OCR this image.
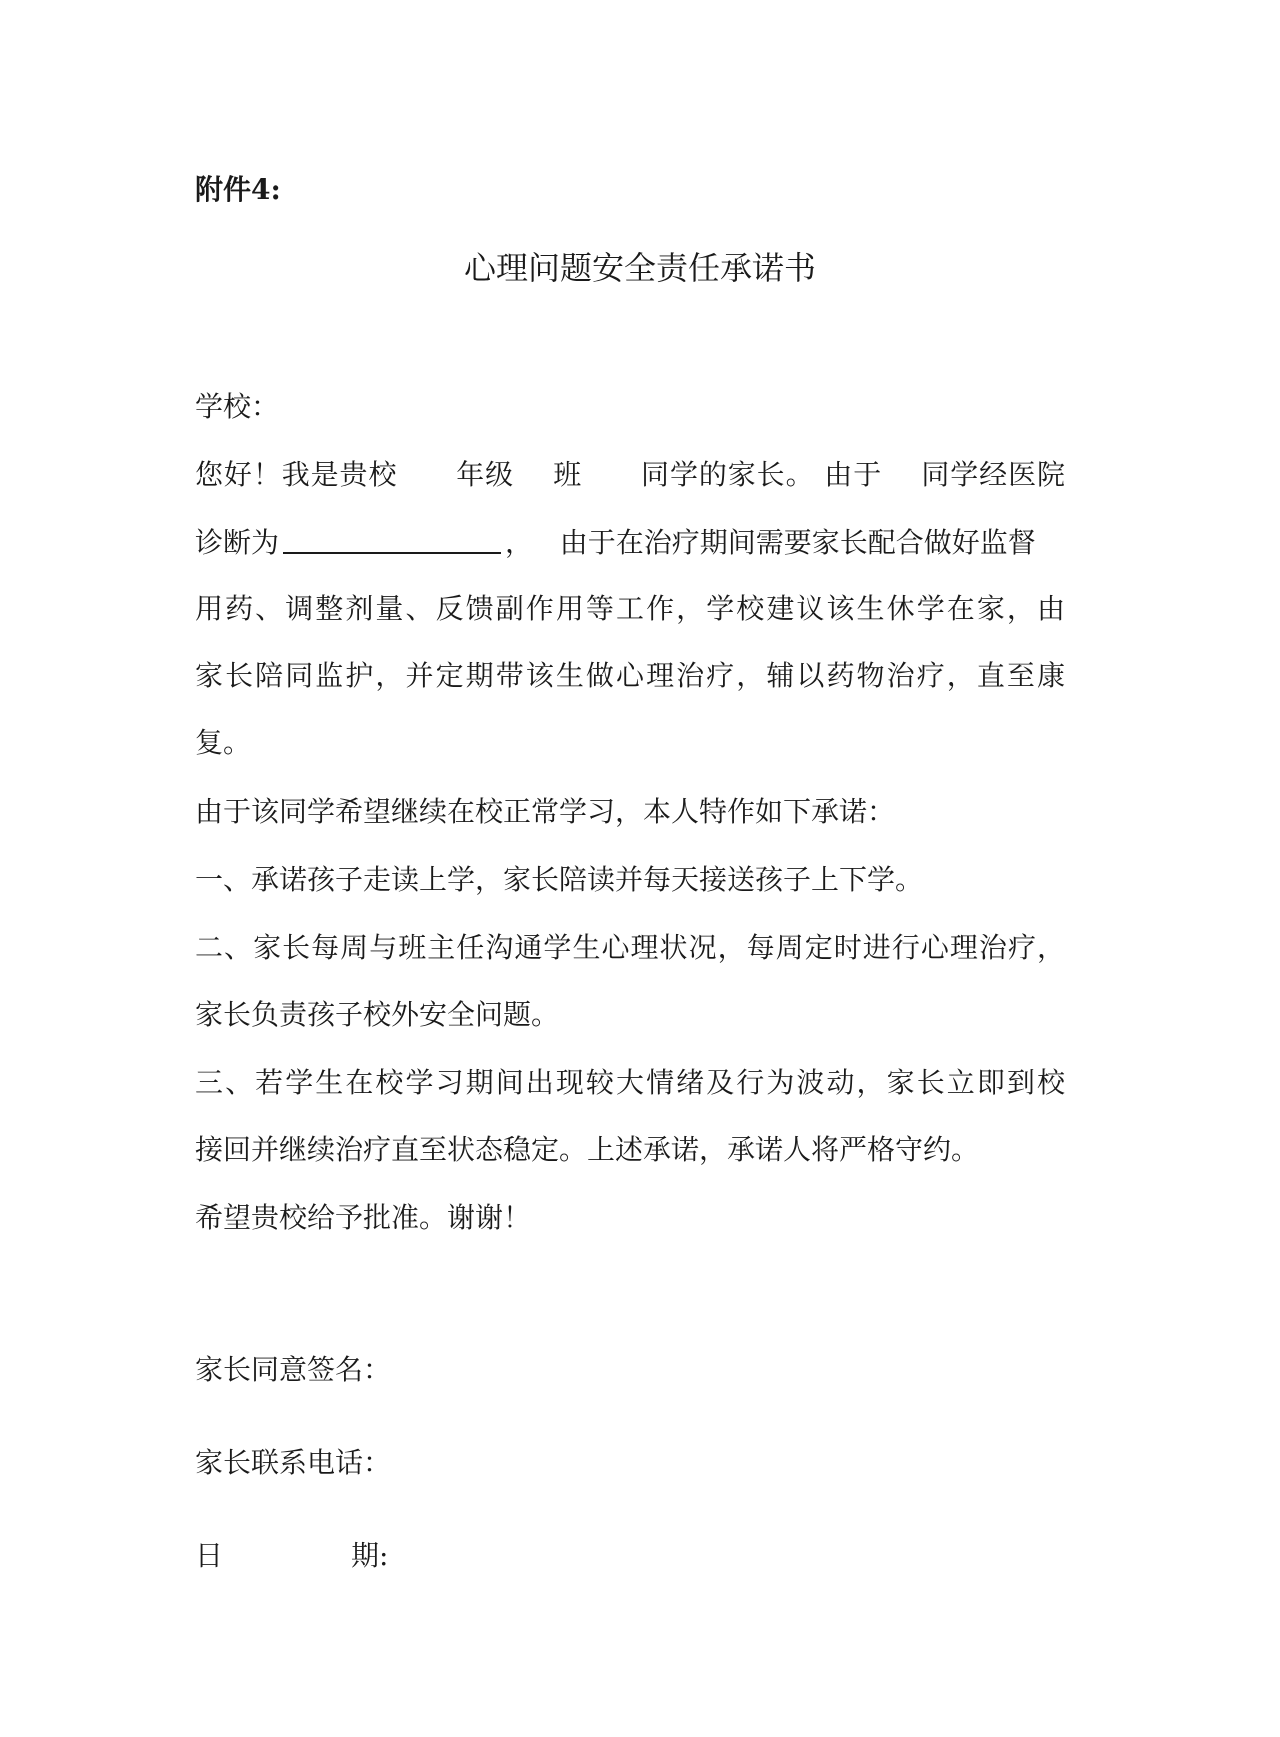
附件4:
心理问题安全责任承诺书
学校：
您好！我是贵校      年级    班      同学的家长。 由于    同学经医院
诊断为	，   由于在治疗期间需要家长配合做好监督
用药、调整剂量、反馈副作用等工作，学校建议该生休学在家，由
家长陪同监护，并定期带该生做心理治疗，辅以药物治疗，直至康
复。
由于该同学希望继续在校正常学习，本人特作如下承诺：
一、承诺孩子走读上学，家长陪读并每天接送孩子上下学。
二、家长每周与班主任沟通学生心理状况，每周定时进行心理治疗，
家长负责孩子校外安全问题。
三、若学生在校学习期间出现较大情绪及行为波动，家长立即到校
接回并继续治疗直至状态稳定。上述承诺，承诺人将严格守约。
希望贵校给予批准。谢谢！
家长同意签名：
家长联系电话：
日	期:
